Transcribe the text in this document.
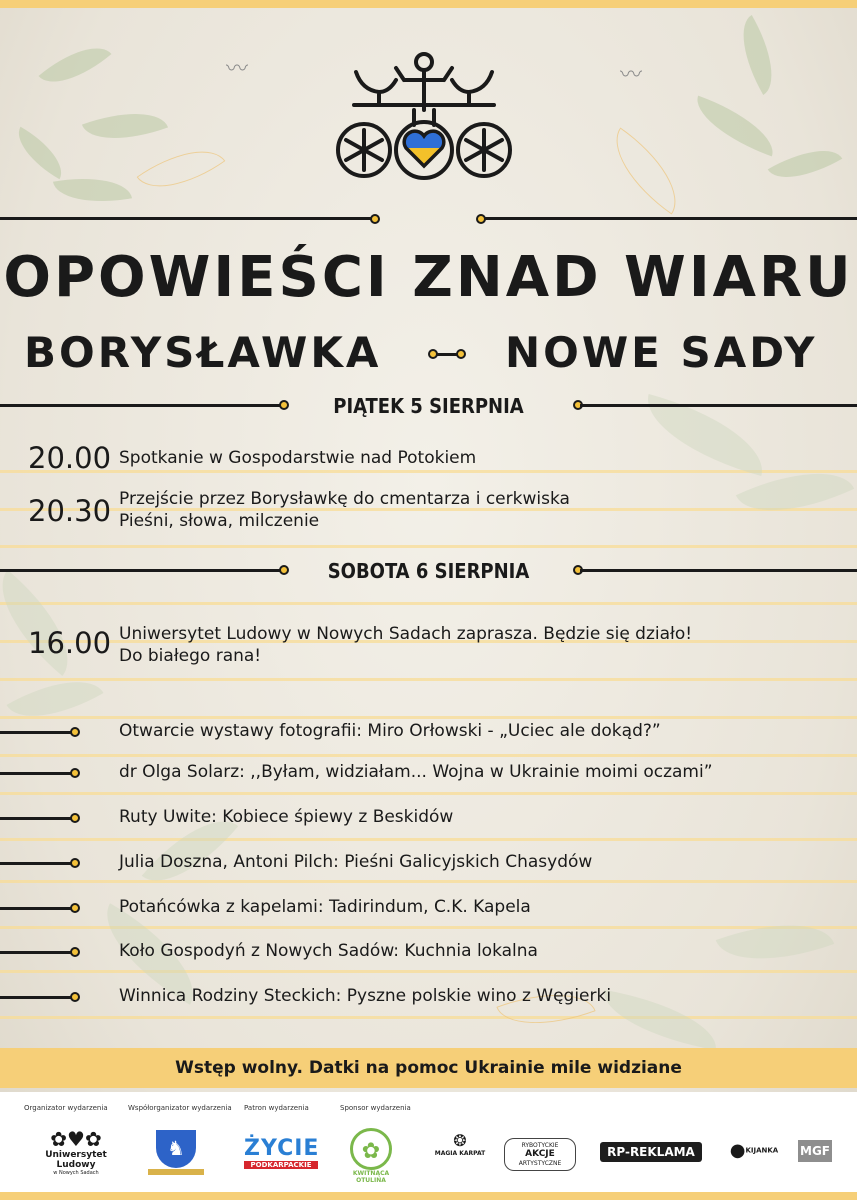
〰	〰
OPOWIEŚCI ZNAD WIARU
BORYSŁAWKA	NOWE SADY
PIĄTEK 5 SIERPNIA
20.00 Spotkanie w Gospodarstwie nad Potokiem
20.30 Przejście przez Borysławkę do cmentarza i cerkwiska
Pieśni, słowa, milczenie
SOBOTA 6 SIERPNIA
16.00 Uniwersytet Ludowy w Nowych Sadach zaprasza. Będzie się działo!
Do białego rana!
Otwarcie wystawy fotografii: Miro Orłowski - „Uciec ale dokąd?”
dr Olga Solarz: ,,Byłam, widziałam... Wojna w Ukrainie moimi oczami”
Ruty Uwite: Kobiece śpiewy z Beskidów
Julia Doszna, Antoni Pilch: Pieśni Galicyjskich Chasydów
Potańcówka z kapelami: Tadirindum, C.K. Kapela
Koło Gospodyń z Nowych Sadów: Kuchnia lokalna
Winnica Rodziny Steckich: Pyszne polskie wino z Węgierki
Wstęp wolny. Datki na pomoc Ukrainie mile widziane
Organizator wydarzenia	Współorganizator wydarzenia Patron wydarzenia	Sponsor wydarzenia
✿♥✿
Uniwersytet Ludowy
w Nowych Sadach
♞	ŻYCIE
PODKARPACKIE
✿
KWITNĄCA OTULINA
❂
MAGIA KARPAT
RYBOTYCKIE
AKCJE
ARTYSTYCZNE
RP-REKLAMA	●KIJANKA	MGF
